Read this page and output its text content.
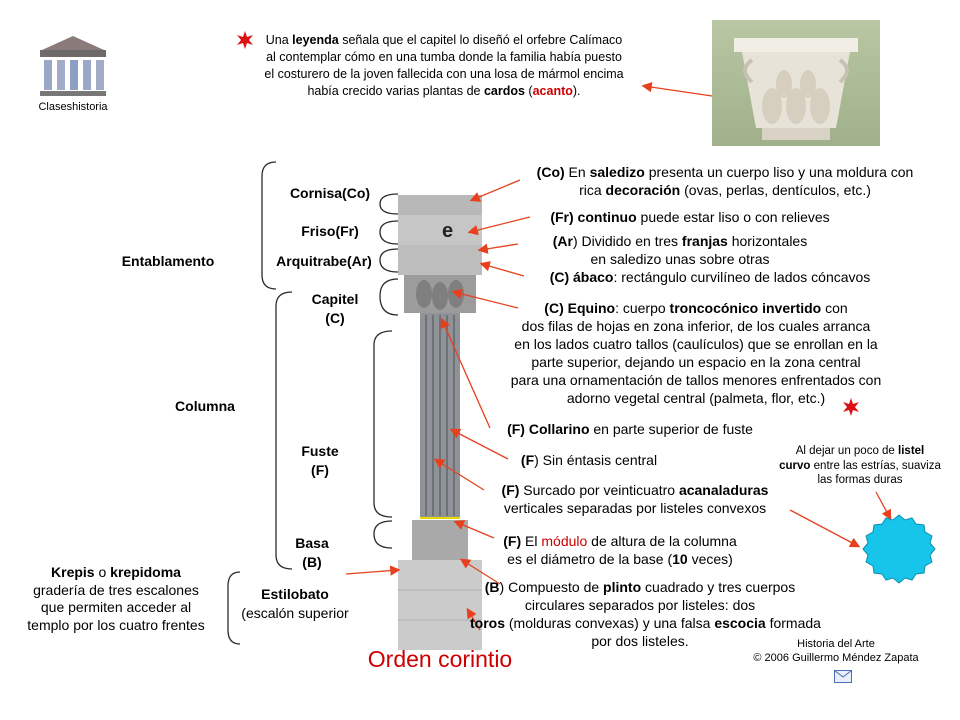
Claseshistoria
Una leyenda señala que el capitel lo diseñó el orfebre Calímaco
al contemplar cómo en una tumba donde la familia había puesto
el costurero de la joven fallecida con una losa de mármol encima
había crecido varias plantas de cardos (acanto).
e
Cornisa(Co)
Friso(Fr)
Arquitrabe(Ar)
Entablamento
Capitel
(C)
Columna
Fuste
(F)
Basa
(B)
Estilobato
(escalón superior
Krepis o krepidoma
gradería de tres escalones
que permiten acceder al
templo por los cuatro frentes
(Co) En saledizo presenta un cuerpo liso y una moldura con
rica decoración (ovas, perlas, dentículos, etc.)
(Fr) continuo puede estar liso o con relieves
(Ar) Dividido en tres franjas horizontales
en saledizo unas sobre otras
(C) ábaco: rectángulo curvilíneo de lados cóncavos
(C) Equino: cuerpo troncocónico invertido con
dos filas de hojas en zona inferior, de los cuales arranca
en los lados cuatro tallos (caulículos) que se enrollan en la
parte superior, dejando un espacio en la zona central
para una ornamentación de tallos menores enfrentados con
adorno vegetal central (palmeta, flor, etc.)
(F) Collarino en parte superior de fuste
(F) Sin éntasis central
(F) Surcado por veinticuatro acanaladuras
verticales separadas por listeles convexos
(F) El módulo de altura de la columna
es el diámetro de la base (10 veces)
(B) Compuesto de plinto cuadrado y tres cuerpos
circulares separados por listeles: dos
toros (molduras convexas) y una falsa escocia formada
por dos listeles.
Al dejar un poco de listel
curvo entre las estrías, suaviza
las formas duras
Orden corintio
Historia del Arte
© 2006 Guillermo Méndez Zapata
